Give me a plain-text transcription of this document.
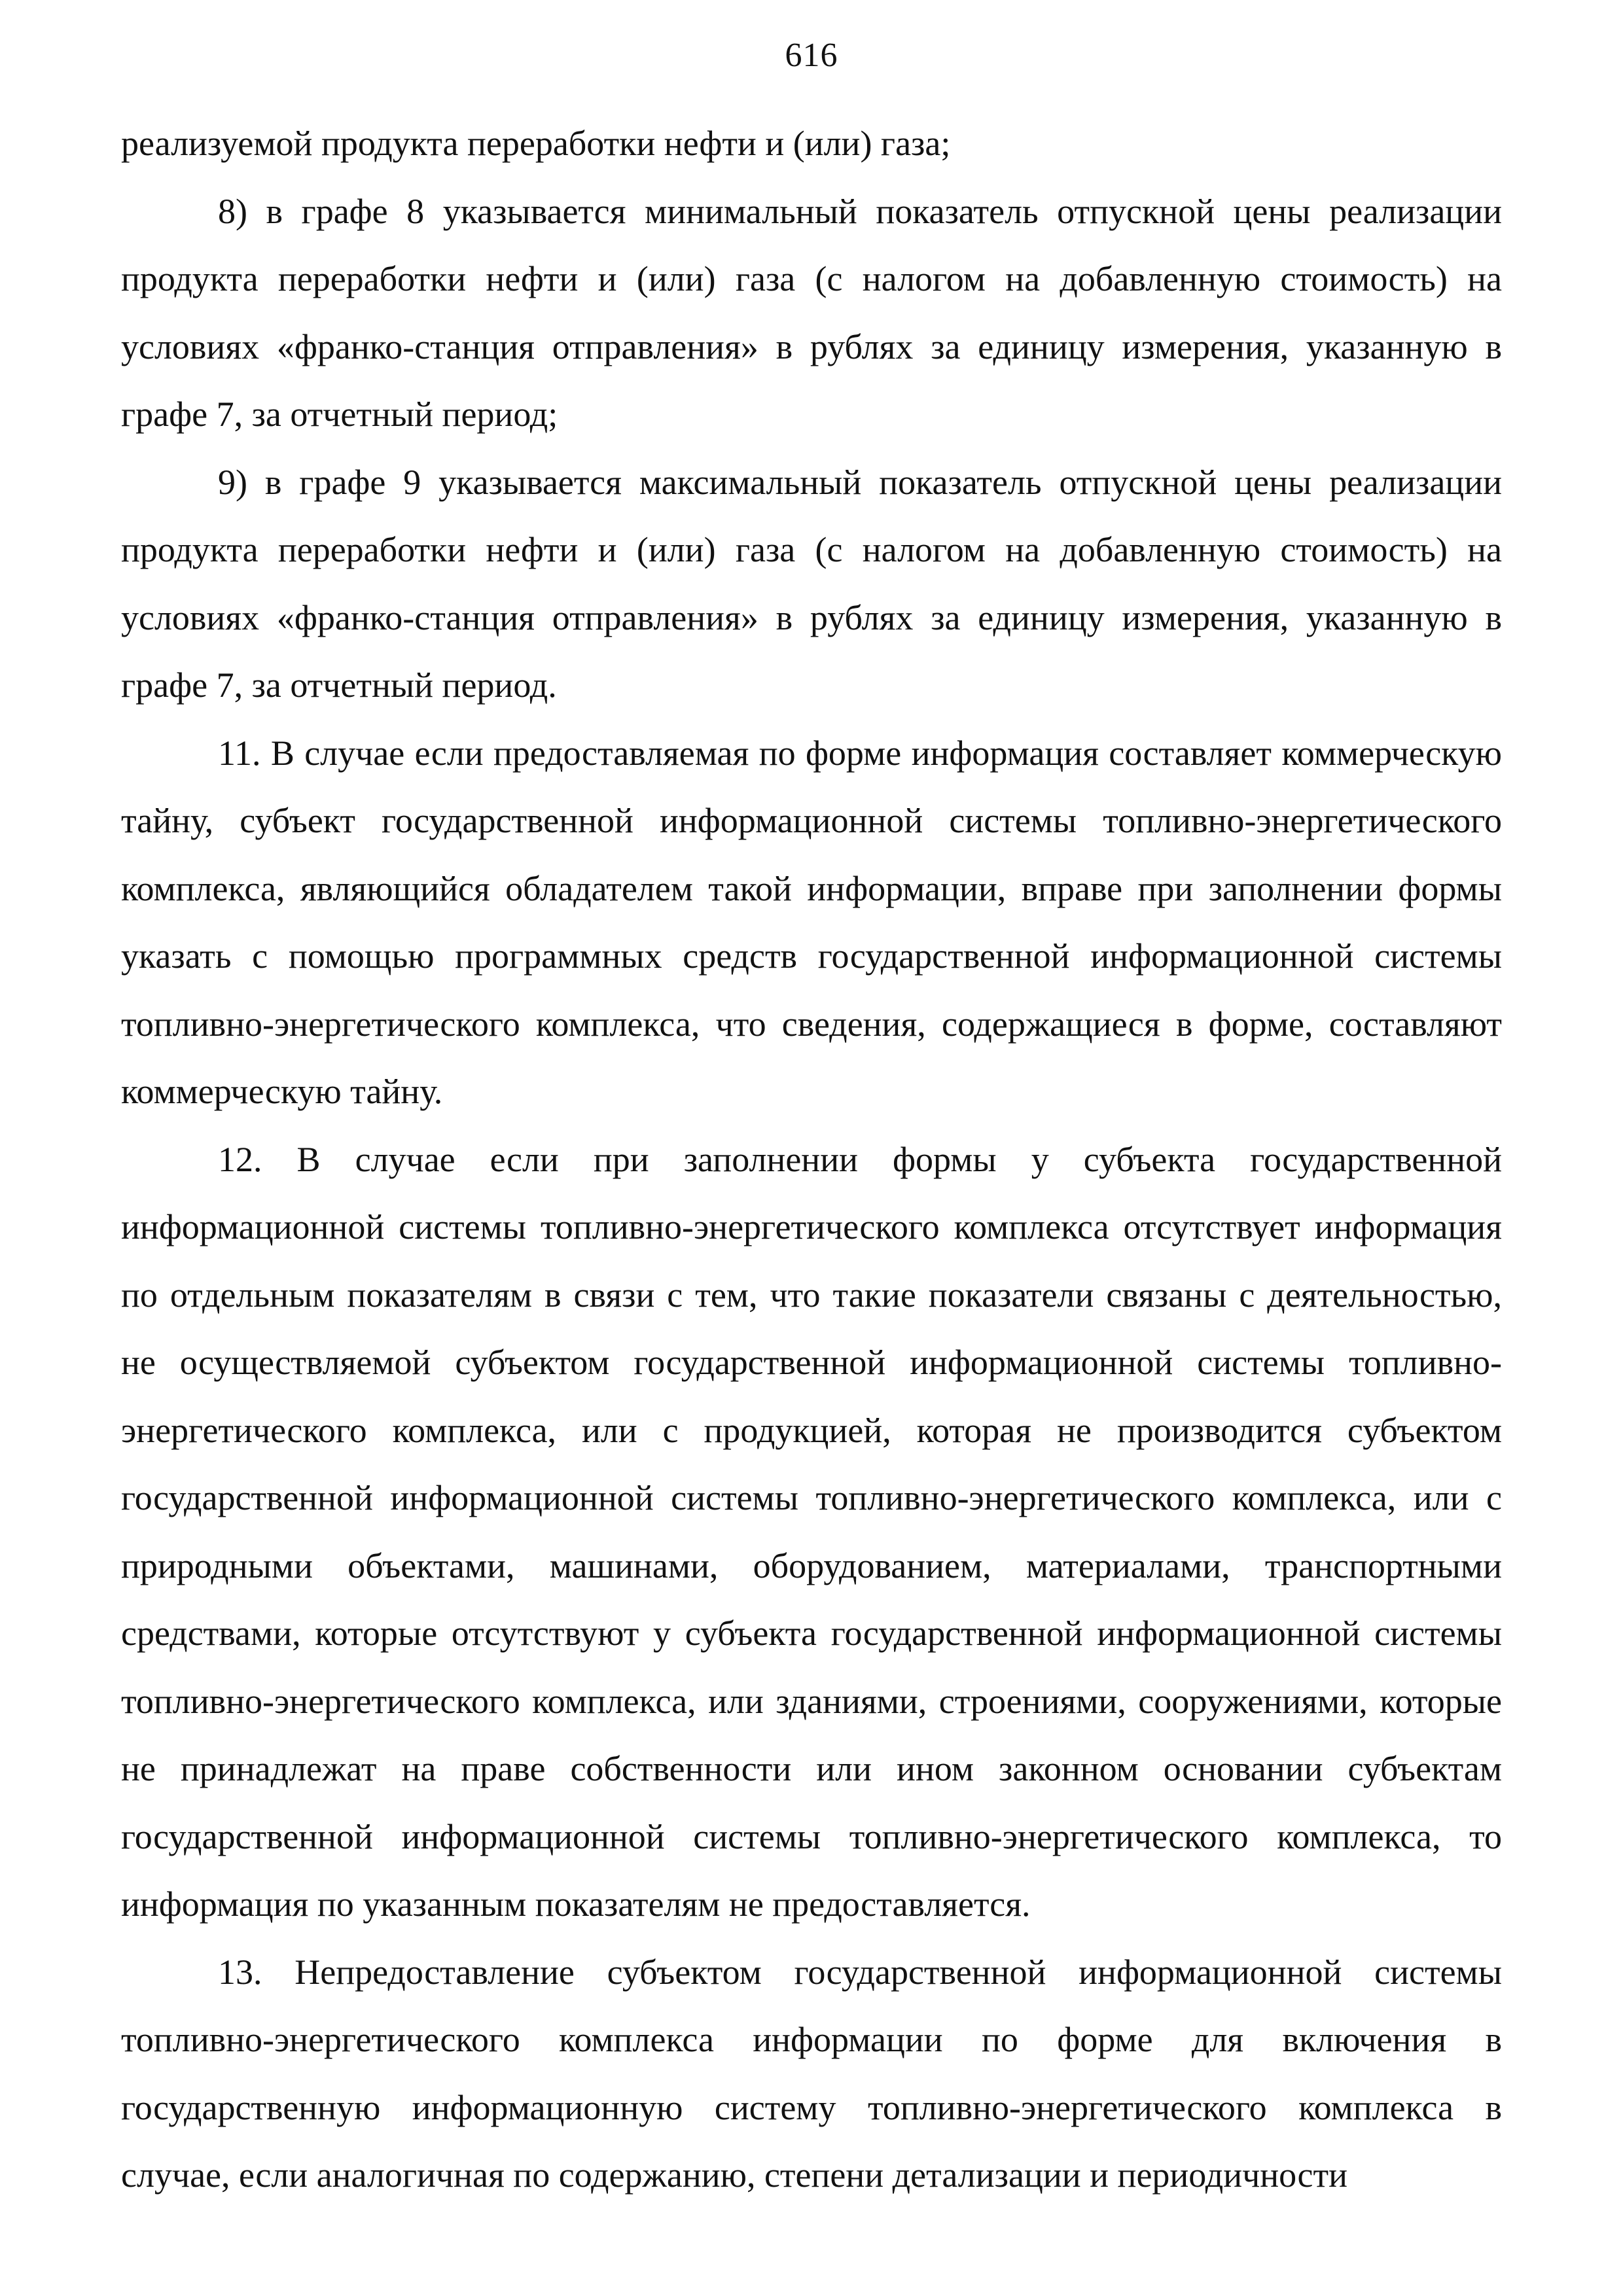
616

реализуемой продукта переработки нефти и (или) газа;

8) в графе 8 указывается минимальный показатель отпускной цены реализации продукта переработки нефти и (или) газа (с налогом на добавленную стоимость) на условиях «франко-станция отправления» в рублях за единицу измерения, указанную в графе 7, за отчетный период;

9) в графе 9 указывается максимальный показатель отпускной цены реализации продукта переработки нефти и (или) газа (с налогом на добавленную стоимость) на условиях «франко-станция отправления» в рублях за единицу измерения, указанную в графе 7, за отчетный период.

11. В случае если предоставляемая по форме информация составляет коммерческую тайну, субъект государственной информационной системы топливно-энергетического комплекса, являющийся обладателем такой информации, вправе при заполнении формы указать с помощью программных средств государственной информационной системы топливно-энергетического комплекса, что сведения, содержащиеся в форме, составляют коммерческую тайну.

12. В случае если при заполнении формы у субъекта государственной информационной системы топливно-энергетического комплекса отсутствует информация по отдельным показателям в связи с тем, что такие показатели связаны с деятельностью, не осуществляемой субъектом государственной информационной системы топливно-энергетического комплекса, или с продукцией, которая не производится субъектом государственной информационной системы топливно-энергетического комплекса, или с природными объектами, машинами, оборудованием, материалами, транспортными средствами, которые отсутствуют у субъекта государственной информационной системы топливно-энергетического комплекса, или зданиями, строениями, сооружениями, которые не принадлежат на праве собственности или ином законном основании субъектам государственной информационной системы топливно-энергетического комплекса, то информация по указанным показателям не предоставляется.

13. Непредоставление субъектом государственной информационной системы топливно-энергетического комплекса информации по форме для включения в государственную информационную систему топливно-энергетического комплекса в случае, если аналогичная по содержанию, степени детализации и периодичности
